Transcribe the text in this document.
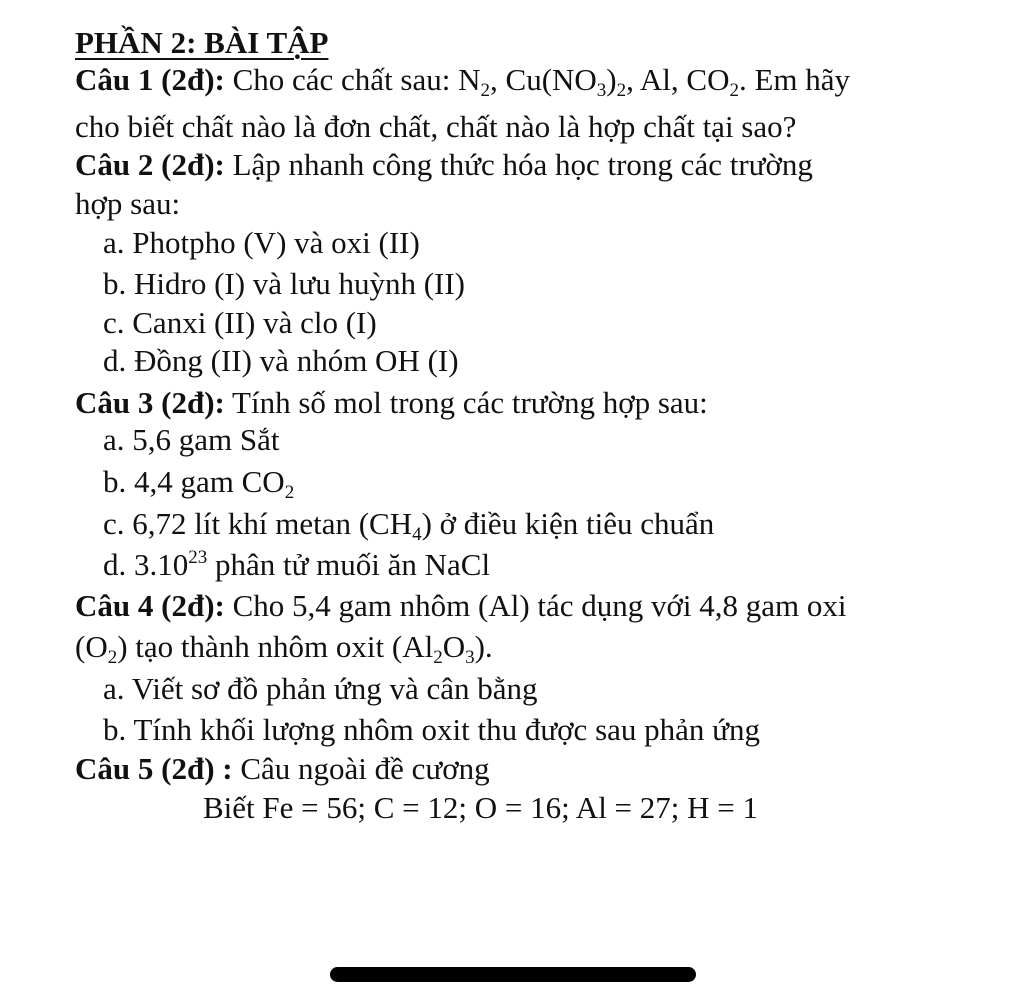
PHẦN 2: BÀI TẬP
Câu 1 (2đ): Cho các chất sau: $N_2$, $Cu(NO_3)_2$, Al, $CO_2$. Em hãy
cho biết chất nào là đơn chất, chất nào là hợp chất tại sao?
Câu 2 (2đ): Lập nhanh công thức hóa học trong các trường
hợp sau:
a. Photpho (V) và oxi (II)
b. Hidro (I) và lưu huỳnh (II)
c. Canxi (II) và clo (I)
d. Đồng (II) và nhóm OH (I)
Câu 3 (2đ): Tính số mol trong các trường hợp sau:
a. 5,6 gam Sắt
b. 4,4 gam $CO_2$
c. 6,72 lít khí metan $(CH_4)$ ở điều kiện tiêu chuẩn
d. 3.10$^{23}$ phân tử muối ăn NaCl
Câu 4 (2đ): Cho 5,4 gam nhôm (Al) tác dụng với 4,8 gam oxi
$(O_2)$ tạo thành nhôm oxit $(Al_2O_3)$.
a. Viết sơ đồ phản ứng và cân bằng
b. Tính khối lượng nhôm oxit thu được sau phản ứng
Câu 5 (2đ) : Câu ngoài đề cương
Biết Fe = 56; C = 12; O = 16; Al = 27; H = 1
